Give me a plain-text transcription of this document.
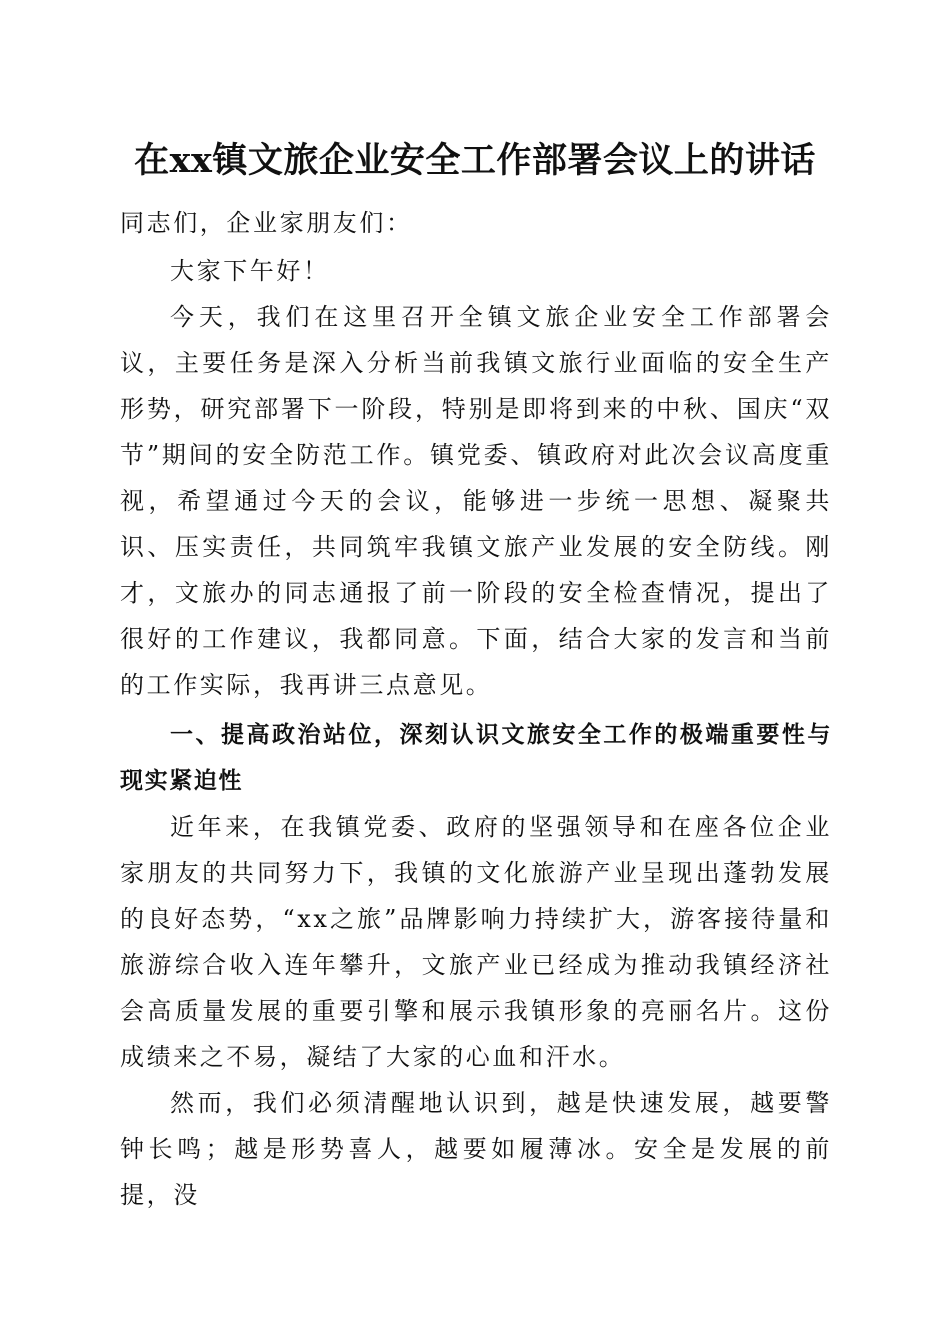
在xx镇文旅企业安全工作部署会议上的讲话

同志们，企业家朋友们：

大家下午好！

今天，我们在这里召开全镇文旅企业安全工作部署会议，主要任务是深入分析当前我镇文旅行业面临的安全生产形势，研究部署下一阶段，特别是即将到来的中秋、国庆“双节”期间的安全防范工作。镇党委、镇政府对此次会议高度重视，希望通过今天的会议，能够进一步统一思想、凝聚共识、压实责任，共同筑牢我镇文旅产业发展的安全防线。刚才，文旅办的同志通报了前一阶段的安全检查情况，提出了很好的工作建议，我都同意。下面，结合大家的发言和当前的工作实际，我再讲三点意见。

一、提高政治站位，深刻认识文旅安全工作的极端重要性与现实紧迫性

近年来，在我镇党委、政府的坚强领导和在座各位企业家朋友的共同努力下，我镇的文化旅游产业呈现出蓬勃发展的良好态势，“xx之旅”品牌影响力持续扩大，游客接待量和旅游综合收入连年攀升，文旅产业已经成为推动我镇经济社会高质量发展的重要引擎和展示我镇形象的亮丽名片。这份成绩来之不易，凝结了大家的心血和汗水。

然而，我们必须清醒地认识到，越是快速发展，越要警钟长鸣；越是形势喜人，越要如履薄冰。安全是发展的前提，没
